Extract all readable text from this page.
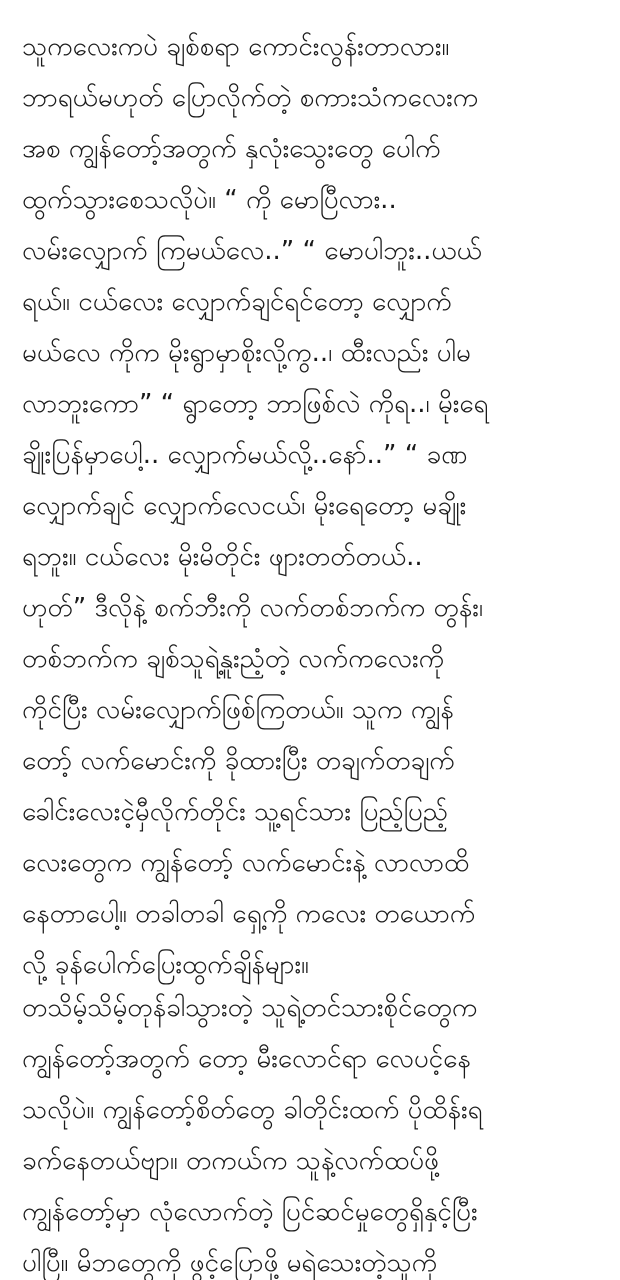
သူကလေးကပဲ ချစ်စရာ ကောင်းလွန်းတာလား။
ဘာရယ်မဟုတ် ပြောလိုက်တဲ့ စကားသံကလေးက
အစ ကျွန်တော့်အတွက် နှလုံးသွေးတွေ ပေါက်
ထွက်သွားစေသလိုပဲ။ “ ကို မောပြီလား..
လမ်းလျှောက် ကြမယ်လေ..” “ မောပါဘူး..ယယ်
ရယ်။ ငယ်လေး လျှောက်ချင်ရင်တော့ လျှောက်
မယ်လေ ကိုက မိုးရွာမှာစိုးလို့ကွ..၊ ထီးလည်း ပါမ
လာဘူးကော” “ ရွာတော့ ဘာဖြစ်လဲ ကိုရ..၊ မိုးရေ
ချိုးပြန်မှာပေါ့.. လျှောက်မယ်လို့..နော်..” “ ခဏ
လျှောက်ချင် လျှောက်လေငယ်၊ မိုးရေတော့ မချိုး
ရဘူး။ ငယ်လေး မိုးမိတိုင်း ဖျားတတ်တယ်..
ဟုတ်” ဒီလိုနဲ့ စက်ဘီးကို လက်တစ်ဘက်က တွန်း၊
တစ်ဘက်က ချစ်သူရဲ့နူးညံ့တဲ့ လက်ကလေးကို
ကိုင်ပြီး လမ်းလျှောက်ဖြစ်ကြတယ်။ သူက ကျွန်
တော့် လက်မောင်းကို ခိုထားပြီး တချက်တချက်
ခေါင်းလေးငဲ့မှီလိုက်တိုင်း သူ့ရင်သား ပြည့်ပြည့်
လေးတွေက ကျွန်တော့် လက်မောင်းနဲ့ လာလာထိ
နေတာပေါ့။ တခါတခါ ရှေ့ကို ကလေး တယောက်
လို့ ခုန်ပေါက်ပြေးထွက်ချိန်များ။
တသိမ့်သိမ့်တုန်ခါသွားတဲ့ သူရဲ့တင်သားစိုင်တွေက
ကျွန်တော့်အတွက် တော့ မီးလောင်ရာ လေပင့်နေ
သလိုပဲ။ ကျွန်တော့်စိတ်တွေ ခါတိုင်းထက် ပိုထိန်းရ
ခက်နေတယ်ဗျာ။ တကယ်က သူနဲ့လက်ထပ်ဖို့
ကျွန်တော့်မှာ လုံလောက်တဲ့ ပြင်ဆင်မှုတွေရှိနှင့်ပြီး
ပါပြီ။ မိဘတွေကို ဖွင့်ပြောဖို့ မရဲသေးတဲ့သူကို
